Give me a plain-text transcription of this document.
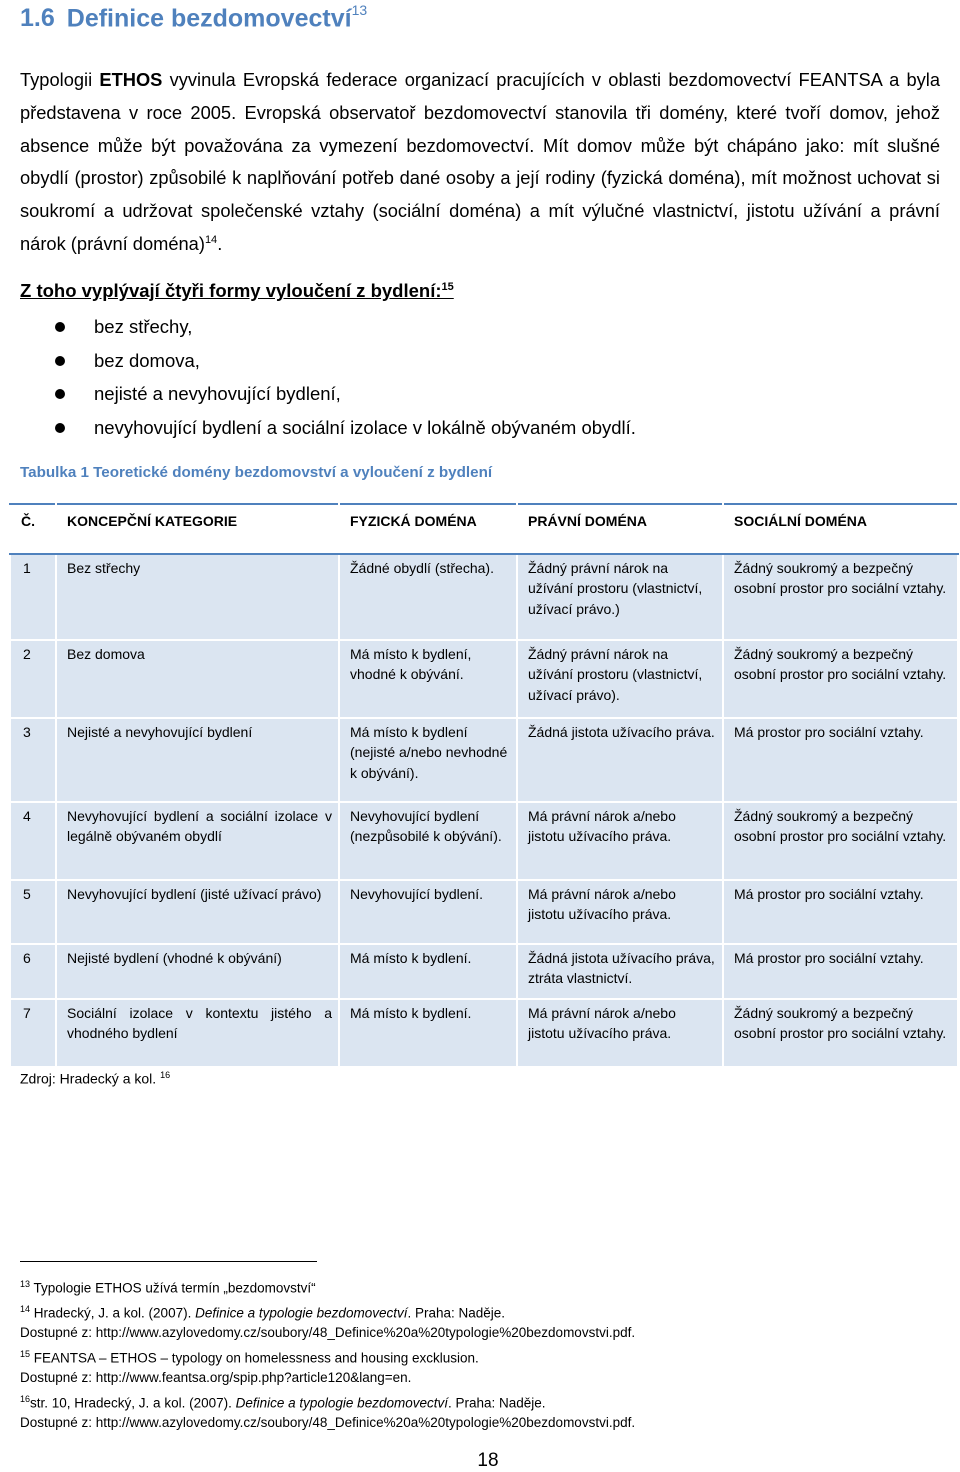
1.6 Definice bezdomovectví$^{13}$
Typologii ETHOS vyvinula Evropská federace organizací pracujících v oblasti bezdomovectví FEANTSA a byla představena v roce 2005. Evropská observatoř bezdomovectví stanovila tři domény, které tvoří domov, jehož absence může být považována za vymezení bezdomovectví. Mít domov může být chápáno jako: mít slušné obydlí (prostor) způsobilé k naplňování potřeb dané osoby a její rodiny (fyzická doména), mít možnost uchovat si soukromí a udržovat společenské vztahy (sociální doména) a mít výlučné vlastnictví, jistotu užívání a právní nárok (právní doména)$^{14}$.
Z toho vyplývají čtyři formy vyloučení z bydlení:$^{15}$
bez střechy,
bez domova,
nejisté a nevyhovující bydlení,
nevyhovující bydlení a sociální izolace v lokálně obývaném obydlí.
Tabulka 1 Teoretické domény bezdomovství a vyloučení z bydlení
Č.	KONCEPČNÍ KATEGORIE	FYZICKÁ DOMÉNA	PRÁVNÍ DOMÉNA	SOCIÁLNÍ DOMÉNA
1	Bez střechy	Žádné obydlí (střecha).	Žádný právní nárok na užívání prostoru (vlastnictví, užívací právo.)	Žádný soukromý a bezpečný osobní prostor pro sociální vztahy.
2	Bez domova	Má místo k bydlení, vhodné k obývání.	Žádný právní nárok na užívání prostoru (vlastnictví, užívací právo).	Žádný soukromý a bezpečný osobní prostor pro sociální vztahy.
3	Nejisté a nevyhovující bydlení	Má místo k bydlení (nejisté a/nebo nevhodné k obývání).	Žádná jistota užívacího práva.	Má prostor pro sociální vztahy.
4	Nevyhovující bydlení a sociální izolace v legálně obývaném obydlí	Nevyhovující bydlení (nezpůsobilé k obývání).	Má právní nárok a/nebo jistotu užívacího práva.	Žádný soukromý a bezpečný osobní prostor pro sociální vztahy.
5	Nevyhovující bydlení (jisté užívací právo)	Nevyhovující bydlení.	Má právní nárok a/nebo jistotu užívacího práva.	Má prostor pro sociální vztahy.
6	Nejisté bydlení (vhodné k obývání)	Má místo k bydlení.	Žádná jistota užívacího práva, ztráta vlastnictví.	Má prostor pro sociální vztahy.
7	Sociální izolace v kontextu jistého a vhodného bydlení	Má místo k bydlení.	Má právní nárok a/nebo jistotu užívacího práva.	Žádný soukromý a bezpečný osobní prostor pro sociální vztahy.
Zdroj: Hradecký a kol. $^{16}$
$^{13}$ Typologie ETHOS užívá termín „bezdomovství“
$^{14}$ Hradecký, J. a kol. (2007). Definice a typologie bezdomovectví. Praha: Naděje.
Dostupné z: http://www.azylovedomy.cz/soubory/48_Definice%20a%20typologie%20bezdomovstvi.pdf.
$^{15}$ FEANTSA – ETHOS – typology on homelessness and housing excklusion.
Dostupné z: http://www.feantsa.org/spip.php?article120&lang=en.
$^{16}$str. 10, Hradecký, J. a kol. (2007). Definice a typologie bezdomovectví. Praha: Naděje.
Dostupné z: http://www.azylovedomy.cz/soubory/48_Definice%20a%20typologie%20bezdomovstvi.pdf.
18
